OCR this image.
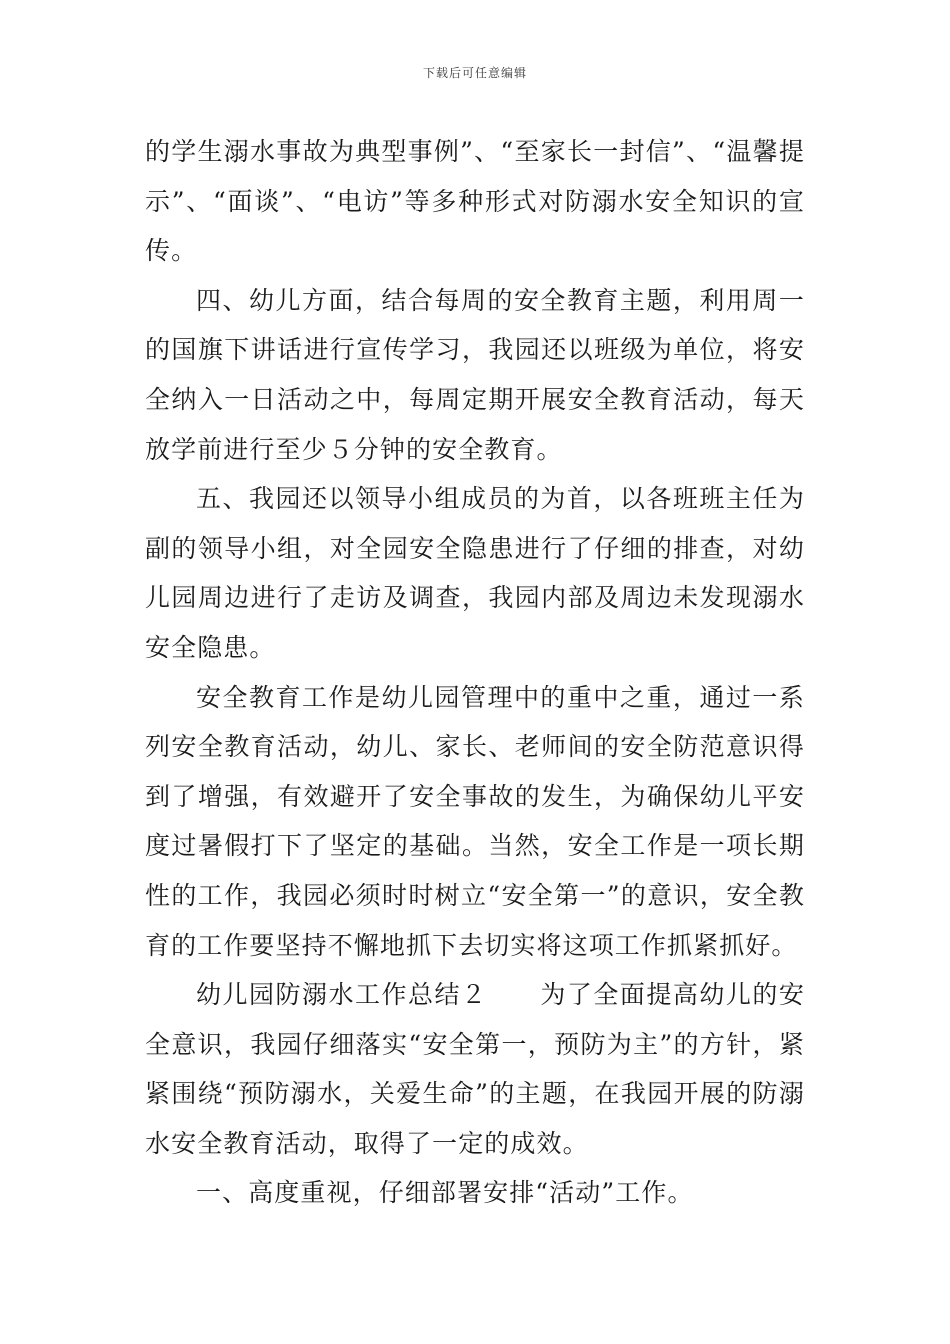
下载后可任意编辑

的学生溺水事故为典型事例”、“至家长一封信”、“温馨提示”、“面谈”、“电访”等多种形式对防溺水安全知识的宣传。

四、幼儿方面，结合每周的安全教育主题，利用周一的国旗下讲话进行宣传学习，我园还以班级为单位，将安全纳入一日活动之中，每周定期开展安全教育活动，每天放学前进行至少５分钟的安全教育。

五、我园还以领导小组成员的为首，以各班班主任为副的领导小组，对全园安全隐患进行了仔细的排查，对幼儿园周边进行了走访及调查，我园内部及周边未发现溺水安全隐患。

安全教育工作是幼儿园管理中的重中之重，通过一系列安全教育活动，幼儿、家长、老师间的安全防范意识得到了增强，有效避开了安全事故的发生，为确保幼儿平安度过暑假打下了坚定的基础。当然，安全工作是一项长期性的工作，我园必须时时树立“安全第一”的意识，安全教育的工作要坚持不懈地抓下去切实将这项工作抓紧抓好。

幼儿园防溺水工作总结２　　为了全面提高幼儿的安全意识，我园仔细落实“安全第一，预防为主”的方针，紧紧围绕“预防溺水，关爱生命”的主题，在我园开展的防溺水安全教育活动，取得了一定的成效。

一、高度重视，仔细部署安排“活动”工作。
